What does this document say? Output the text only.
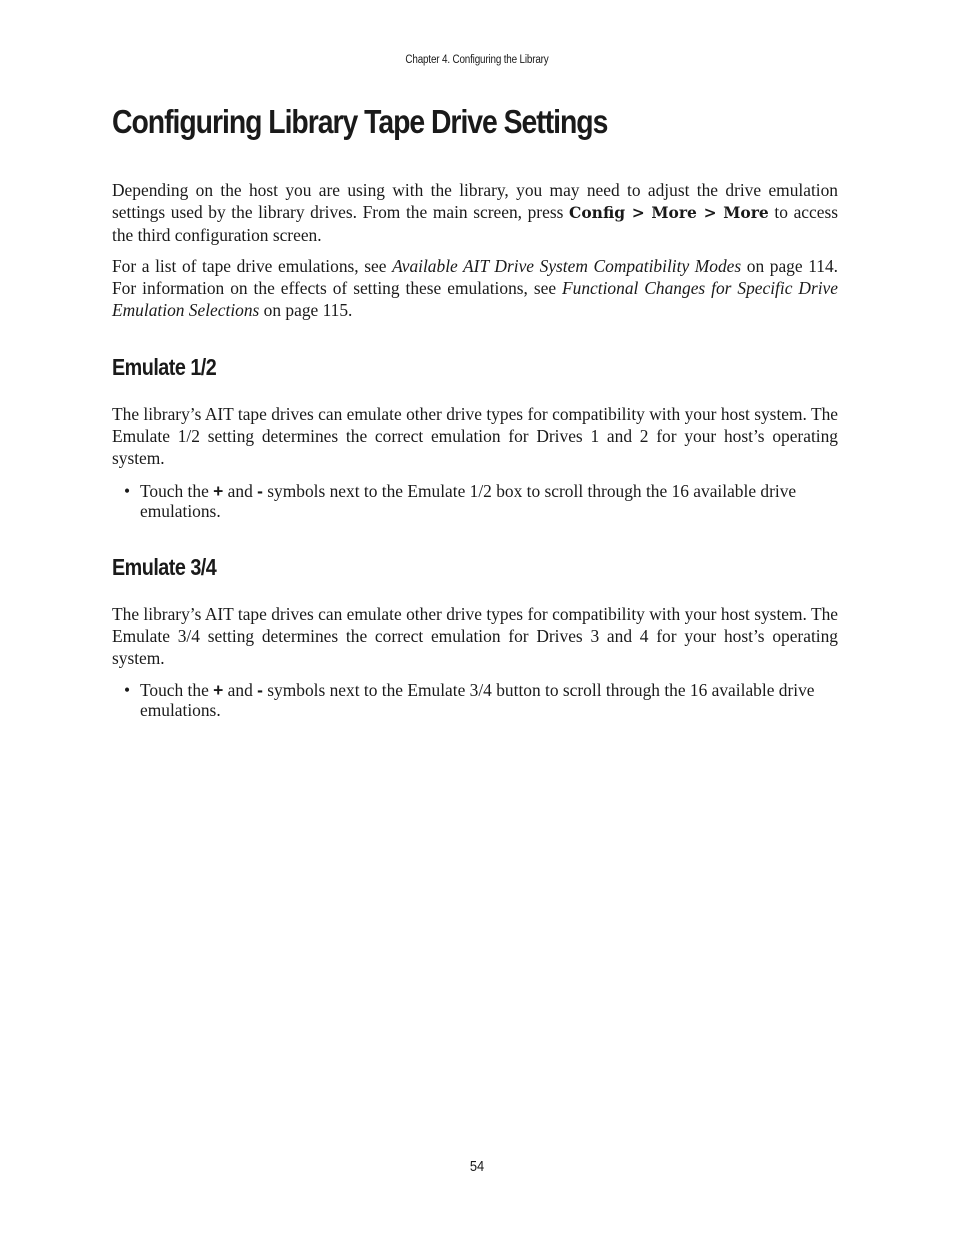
Chapter 4. Configuring the Library
Configuring Library Tape Drive Settings

Depending on the host you are using with the library, you may need to adjust the drive emulation settings used by the library drives. From the main screen, press Config > More > More to access the third configuration screen.

For a list of tape drive emulations, see Available AIT Drive System Compatibility Modes on page 114. For information on the effects of setting these emulations, see Functional Changes for Specific Drive Emulation Selections on page 115.

Emulate 1/2

The library’s AIT tape drives can emulate other drive types for compatibility with your host system. The Emulate 1/2 setting determines the correct emulation for Drives 1 and 2 for your host’s operating system.

• Touch the + and - symbols next to the Emulate 1/2 box to scroll through the 16 available drive emulations.

Emulate 3/4

The library’s AIT tape drives can emulate other drive types for compatibility with your host system. The Emulate 3/4 setting determines the correct emulation for Drives 3 and 4 for your host’s operating system.

• Touch the + and - symbols next to the Emulate 3/4 button to scroll through the 16 available drive emulations.

54
